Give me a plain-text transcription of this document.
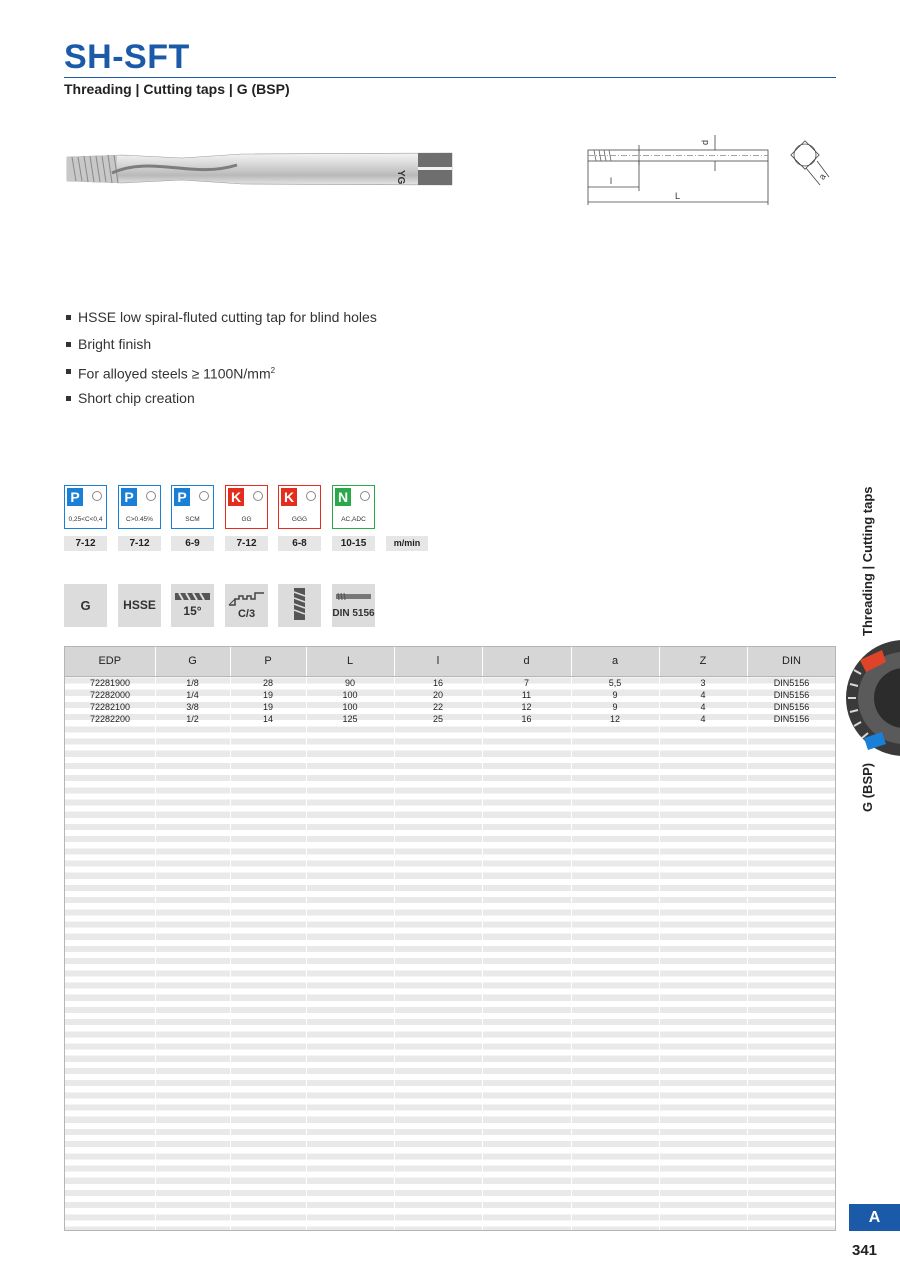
SH-SFT
Threading | Cutting taps | G (BSP)
YG
d
l
L
a
HSSE low spiral-fluted cutting tap for blind holes
Bright finish
For alloyed steels ≥ $1100N/mm^2$
Short chip creation
P
0,25<C<0,4
7-12
P
C>0.45%
7-12
P
SCM
6-9
K
GG
7-12
K
GGG
6-8
N
AC,ADC
10-15	m/min
G	HSSE	15°	C/3	DIN 5156
EDP	G	P	L	l	d	a	Z	DIN
72281900	1/8	28	90	16	7	5,5	3	DIN5156
72282000	1/4	19	100	20	11	9	4	DIN5156
72282100	3/8	19	100	22	12	9	4	DIN5156
72282200	1/2	14	125	25	16	12	4	DIN5156
Threading | Cutting taps
G (BSP)
A
341
